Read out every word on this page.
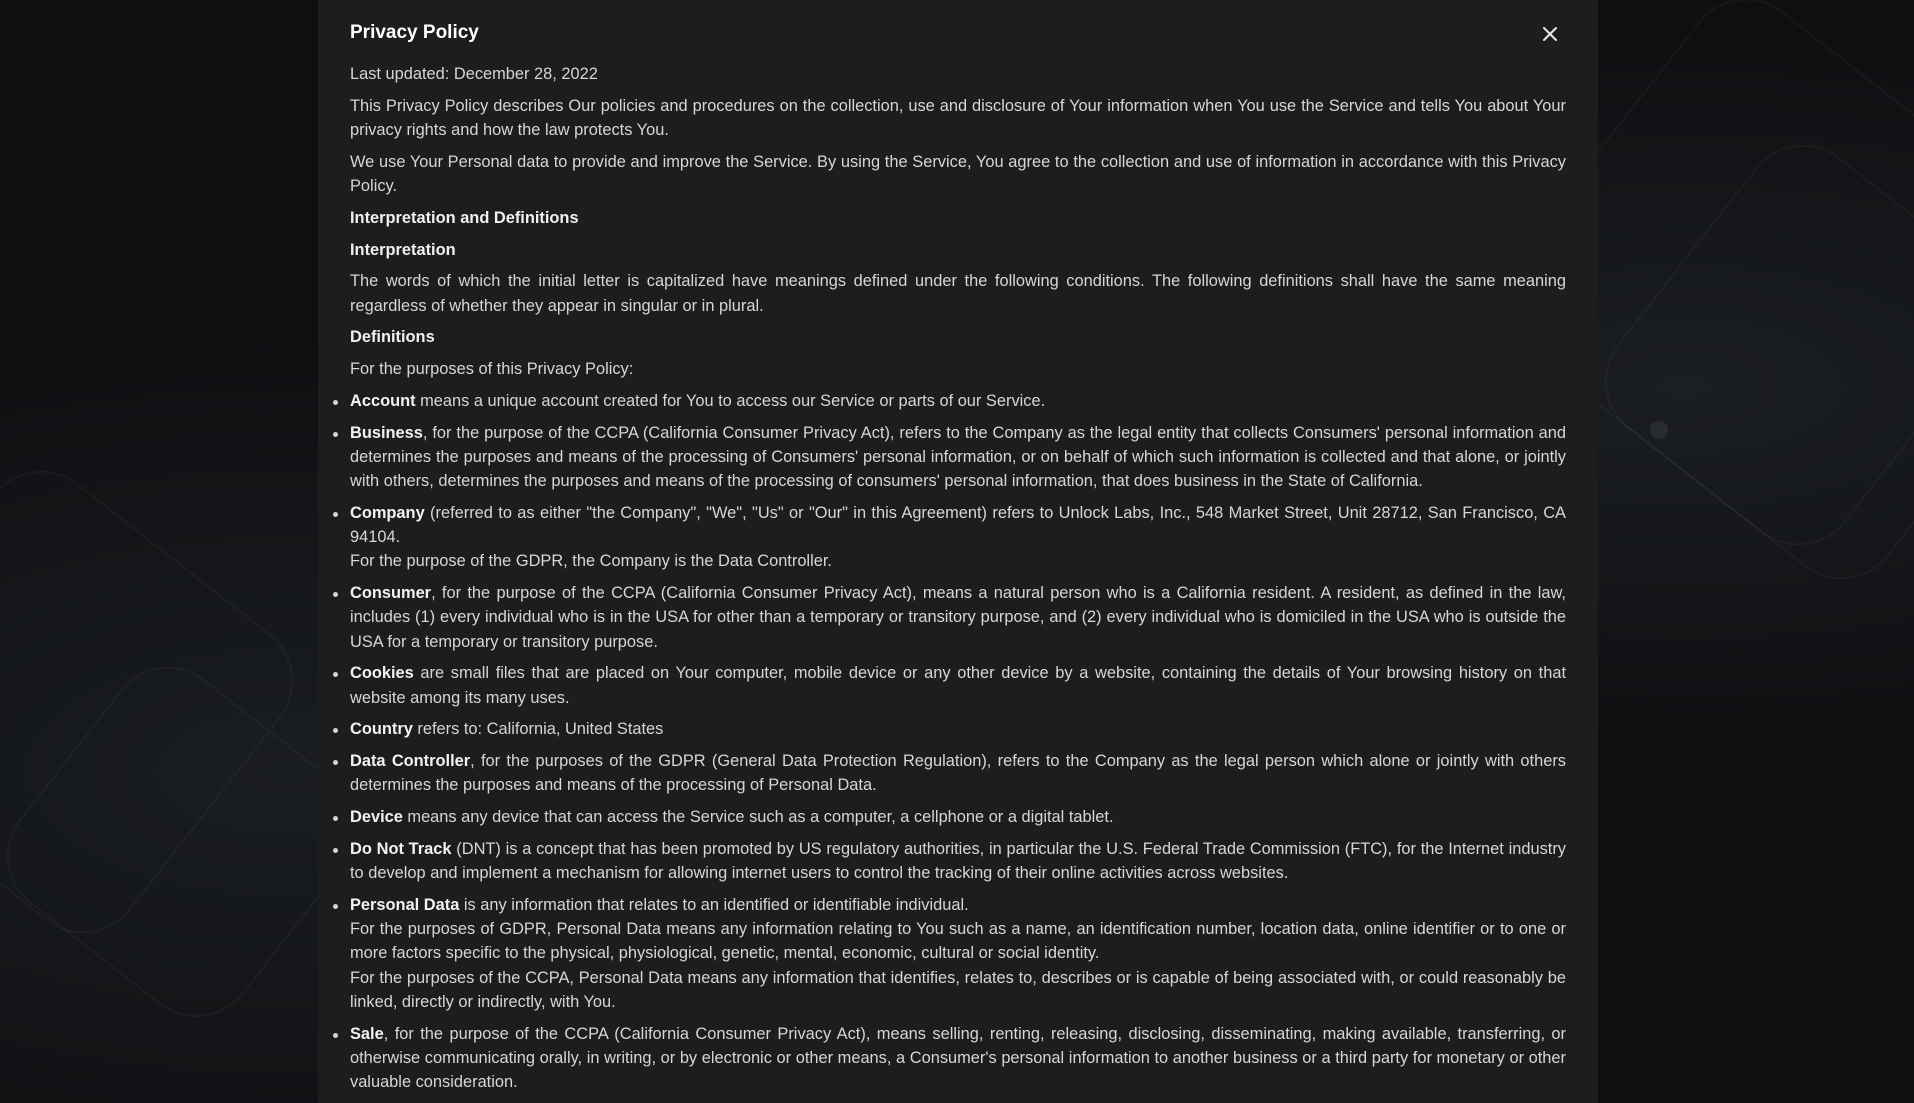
Privacy Policy

Last updated: December 28, 2022

This Privacy Policy describes Our policies and procedures on the collection, use and disclosure of Your information when You use the Service and tells You about Your privacy rights and how the law protects You.

We use Your Personal data to provide and improve the Service. By using the Service, You agree to the collection and use of information in accordance with this Privacy Policy.

Interpretation and Definitions
Interpretation

The words of which the initial letter is capitalized have meanings defined under the following conditions. The following definitions shall have the same meaning regardless of whether they appear in singular or in plural.

Definitions

For the purposes of this Privacy Policy:

Account means a unique account created for You to access our Service or parts of our Service.
Business, for the purpose of the CCPA (California Consumer Privacy Act), refers to the Company as the legal entity that collects Consumers' personal information and determines the purposes and means of the processing of Consumers' personal information, or on behalf of which such information is collected and that alone, or jointly with others, determines the purposes and means of the processing of consumers' personal information, that does business in the State of California.
Company (referred to as either "the Company", "We", "Us" or "Our" in this Agreement) refers to Unlock Labs, Inc., 548 Market Street, Unit 28712, San Francisco, CA 94104.
For the purpose of the GDPR, the Company is the Data Controller.
Consumer, for the purpose of the CCPA (California Consumer Privacy Act), means a natural person who is a California resident. A resident, as defined in the law, includes (1) every individual who is in the USA for other than a temporary or transitory purpose, and (2) every individual who is domiciled in the USA who is outside the USA for a temporary or transitory purpose.
Cookies are small files that are placed on Your computer, mobile device or any other device by a website, containing the details of Your browsing history on that website among its many uses.
Country refers to: California, United States
Data Controller, for the purposes of the GDPR (General Data Protection Regulation), refers to the Company as the legal person which alone or jointly with others determines the purposes and means of the processing of Personal Data.
Device means any device that can access the Service such as a computer, a cellphone or a digital tablet.
Do Not Track (DNT) is a concept that has been promoted by US regulatory authorities, in particular the U.S. Federal Trade Commission (FTC), for the Internet industry to develop and implement a mechanism for allowing internet users to control the tracking of their online activities across websites.
Personal Data is any information that relates to an identified or identifiable individual.
For the purposes of GDPR, Personal Data means any information relating to You such as a name, an identification number, location data, online identifier or to one or more factors specific to the physical, physiological, genetic, mental, economic, cultural or social identity.
For the purposes of the CCPA, Personal Data means any information that identifies, relates to, describes or is capable of being associated with, or could reasonably be linked, directly or indirectly, with You.
Sale, for the purpose of the CCPA (California Consumer Privacy Act), means selling, renting, releasing, disclosing, disseminating, making available, transferring, or otherwise communicating orally, in writing, or by electronic or other means, a Consumer's personal information to another business or a third party for monetary or other valuable consideration.
